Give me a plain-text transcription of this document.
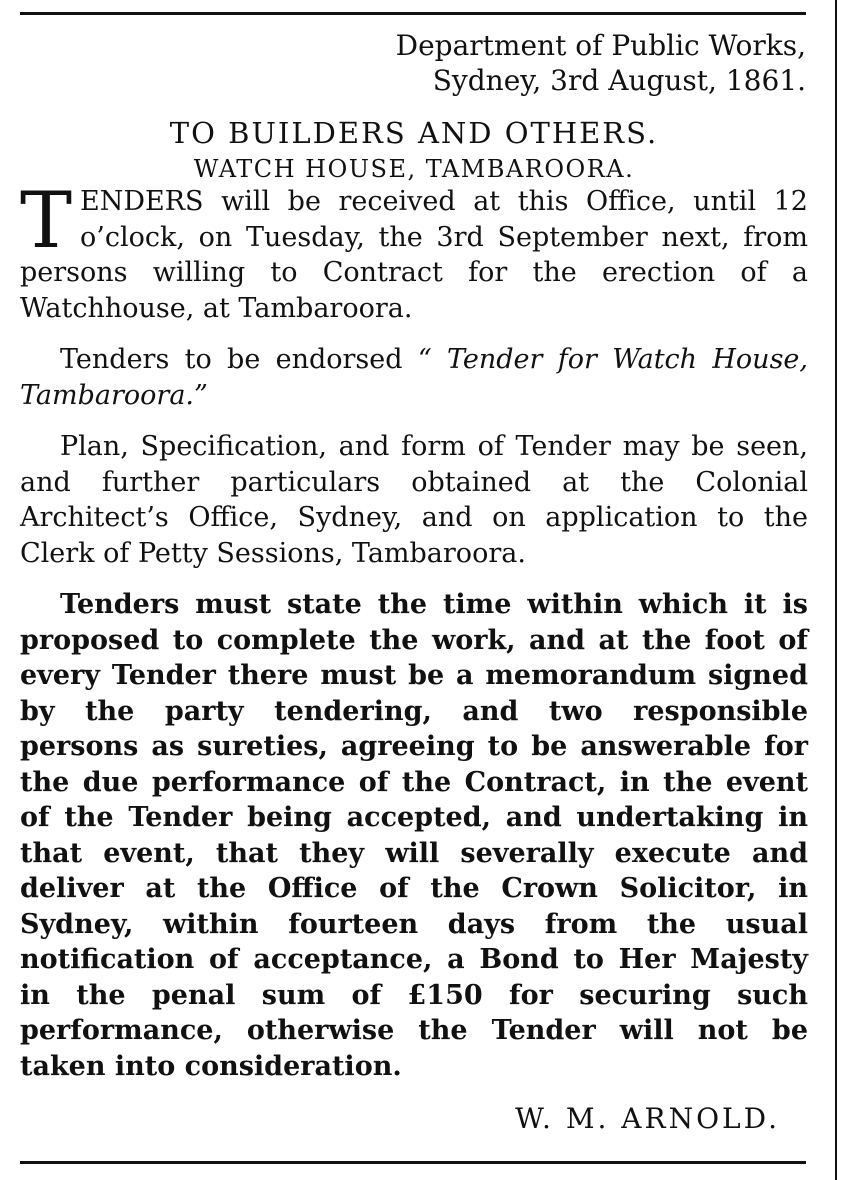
Department of Public Works,
Sydney, 3rd August, 1861.
TO BUILDERS AND OTHERS.
WATCH HOUSE, TAMBAROORA.

TENDERS will be received at this Office, until 12 o’clock, on Tuesday, the 3rd September next, from persons willing to Contract for the erection of a Watchhouse, at Tambaroora.

Tenders to be endorsed “ Tender for Watch House, Tambaroora.”

Plan, Specification, and form of Tender may be seen, and further particulars obtained at the Colonial Architect’s Office, Sydney, and on application to the Clerk of Petty Sessions, Tambaroora.

Tenders must state the time within which it is proposed to complete the work, and at the foot of every Tender there must be a memorandum signed by the party tendering, and two responsible persons as sureties, agreeing to be answerable for the due performance of the Contract, in the event of the Tender being accepted, and undertaking in that event, that they will severally execute and deliver at the Office of the Crown Solicitor, in Sydney, within fourteen days from the usual notification of acceptance, a Bond to Her Majesty in the penal sum of £150 for securing such performance, otherwise the Tender will not be taken into consideration.

W. M. ARNOLD.
